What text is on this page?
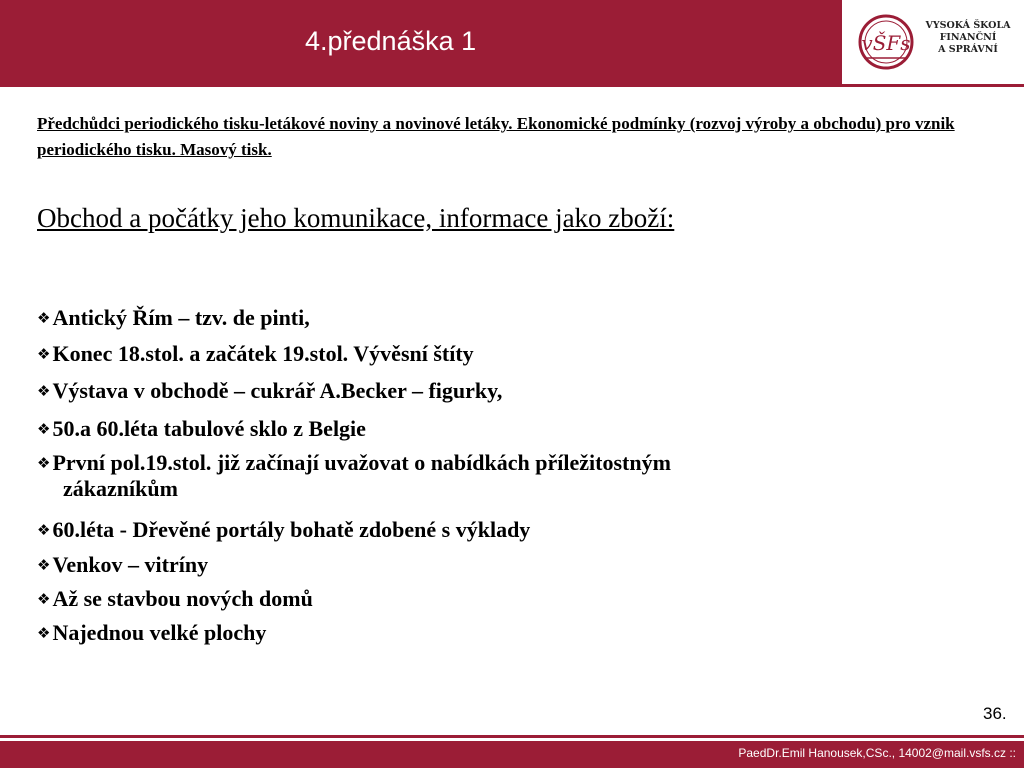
4.přednáška 1	vŠFs
VYSOKÁ ŠKOLA
FINANČNÍ
A SPRÁVNÍ
Předchůdci periodického tisku-letákové noviny a novinové letáky. Ekonomické podmínky (rozvoj výroby a obchodu) pro vznik periodického tisku. Masový tisk.
Obchod a počátky jeho komunikace, informace jako zboží:
❖Antický Řím – tzv. de pinti,
❖Konec 18.stol. a začátek 19.stol. Vývěsní štíty
❖Výstava v obchodě – cukrář A.Becker – figurky,
❖50.a 60.léta tabulové sklo z Belgie
❖První pol.19.stol. již začínají uvažovat o nabídkách příležitostným
zákazníkům
❖60.léta - Dřevěné portály bohatě zdobené s výklady
❖Venkov – vitríny
❖Až se stavbou nových domů
❖Najednou velké plochy
36.
PaedDr.Emil Hanousek,CSc., 14002@mail.vsfs.cz ::
